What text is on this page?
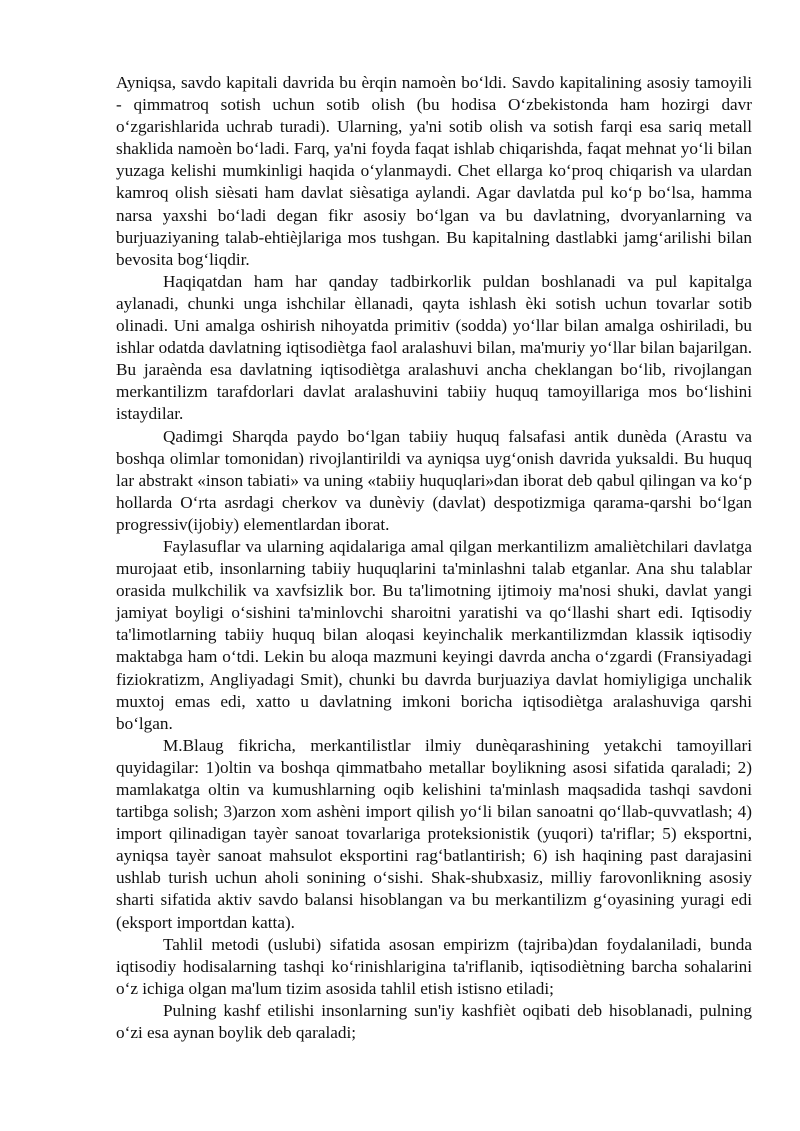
Ayniqsa, savdo kapitali davrida bu èrqin namoèn bo‘ldi. Savdo kapitalining asosiy tamoyili - qimmatroq sotish uchun sotib olish (bu hodisa O‘zbekistonda ham hozirgi davr o‘zgarishlarida uchrab turadi). Ularning, ya'ni sotib olish va sotish farqi esa sariq metall shaklida namoèn bo‘ladi. Farq, ya'ni foyda faqat ishlab chiqarishda, faqat mehnat yo‘li bilan yuzaga kelishi mumkinligi haqida o‘ylanmaydi. Chet ellarga ko‘proq chiqarish va ulardan kamroq olish sièsati ham davlat sièsatiga aylandi. Agar davlatda pul ko‘p bo‘lsa, hamma narsa yaxshi bo‘ladi degan fikr asosiy bo‘lgan va bu davlatning, dvoryanlarning va burjuaziyaning talab-ehtièjlariga mos tushgan. Bu kapitalning dastlabki jamg‘arilishi bilan bevosita bog‘liqdir.

Haqiqatdan ham har qanday tadbirkorlik puldan boshlanadi va pul kapitalga aylanadi, chunki unga ishchilar èllanadi, qayta ishlash èki sotish uchun tovarlar sotib olinadi. Uni amalga oshirish nihoyatda primitiv (sodda) yo‘llar bilan amalga oshiriladi, bu ishlar odatda davlatning iqtisodiètga faol aralashuvi bilan, ma'muriy yo‘llar bilan bajarilgan. Bu jaraènda esa davlatning iqtisodiètga aralashuvi ancha cheklangan bo‘lib, rivojlangan merkantilizm tarafdorlari davlat aralashuvini tabiiy huquq tamoyillariga mos bo‘lishini istaydilar.

Qadimgi Sharqda paydo bo‘lgan tabiiy huquq falsafasi antik dunèda (Arastu va boshqa olimlar tomonidan) rivojlantirildi va ayniqsa uyg‘onish davrida yuksaldi. Bu huquq lar abstrakt «inson tabiati» va uning «tabiiy huquqlari»dan iborat deb qabul qilingan va ko‘p hollarda O‘rta asrdagi cherkov va dunèviy (davlat) despotizmiga qarama-qarshi bo‘lgan progressiv(ijobiy) elementlardan iborat.

Faylasuflar va ularning aqidalariga amal qilgan merkantilizm amaliètchilari davlatga murojaat etib, insonlarning tabiiy huquqlarini ta'minlashni talab etganlar. Ana shu talablar orasida mulkchilik va xavfsizlik bor. Bu ta'limotning ijtimoiy ma'nosi shuki, davlat yangi jamiyat boyligi o‘sishini ta'minlovchi sharoitni yaratishi va qo‘llashi shart edi. Iqtisodiy ta'limotlarning tabiiy huquq bilan aloqasi keyinchalik merkantilizmdan klassik iqtisodiy maktabga ham o‘tdi. Lekin bu aloqa mazmuni keyingi davrda ancha o‘zgardi (Fransiyadagi fiziokratizm, Angliyadagi Smit), chunki bu davrda burjuaziya davlat homiyligiga unchalik muxtoj emas edi, xatto u davlatning imkoni boricha iqtisodiètga aralashuviga qarshi bo‘lgan.

M.Blaug fikricha, merkantilistlar ilmiy dunèqarashining yetakchi tamoyillari quyidagilar: 1)oltin va boshqa qimmatbaho metallar boylikning asosi sifatida qaraladi; 2) mamlakatga oltin va kumushlarning oqib kelishini ta'minlash maqsadida tashqi savdoni tartibga solish; 3)arzon xom ashèni import qilish yo‘li bilan sanoatni qo‘llab-quvvatlash; 4) import qilinadigan tayèr sanoat tovarlariga proteksionistik (yuqori) ta'riflar; 5) eksportni, ayniqsa tayèr sanoat mahsulot eksportini rag‘batlantirish; 6) ish haqining past darajasini ushlab turish uchun aholi sonining o‘sishi. Shak-shubxasiz, milliy farovonlikning asosiy sharti sifatida aktiv savdo balansi hisoblangan va bu merkantilizm g‘oyasining yuragi edi (eksport importdan katta).

Tahlil metodi (uslubi) sifatida asosan empirizm (tajriba)dan foydalaniladi, bunda iqtisodiy hodisalarning tashqi ko‘rinishlarigina ta'riflanib, iqtisodiètning barcha sohalarini o‘z ichiga olgan ma'lum tizim asosida tahlil etish istisno etiladi;

Pulning kashf etilishi insonlarning sun'iy kashfièt oqibati deb hisoblanadi, pulning o‘zi esa aynan boylik deb qaraladi;
